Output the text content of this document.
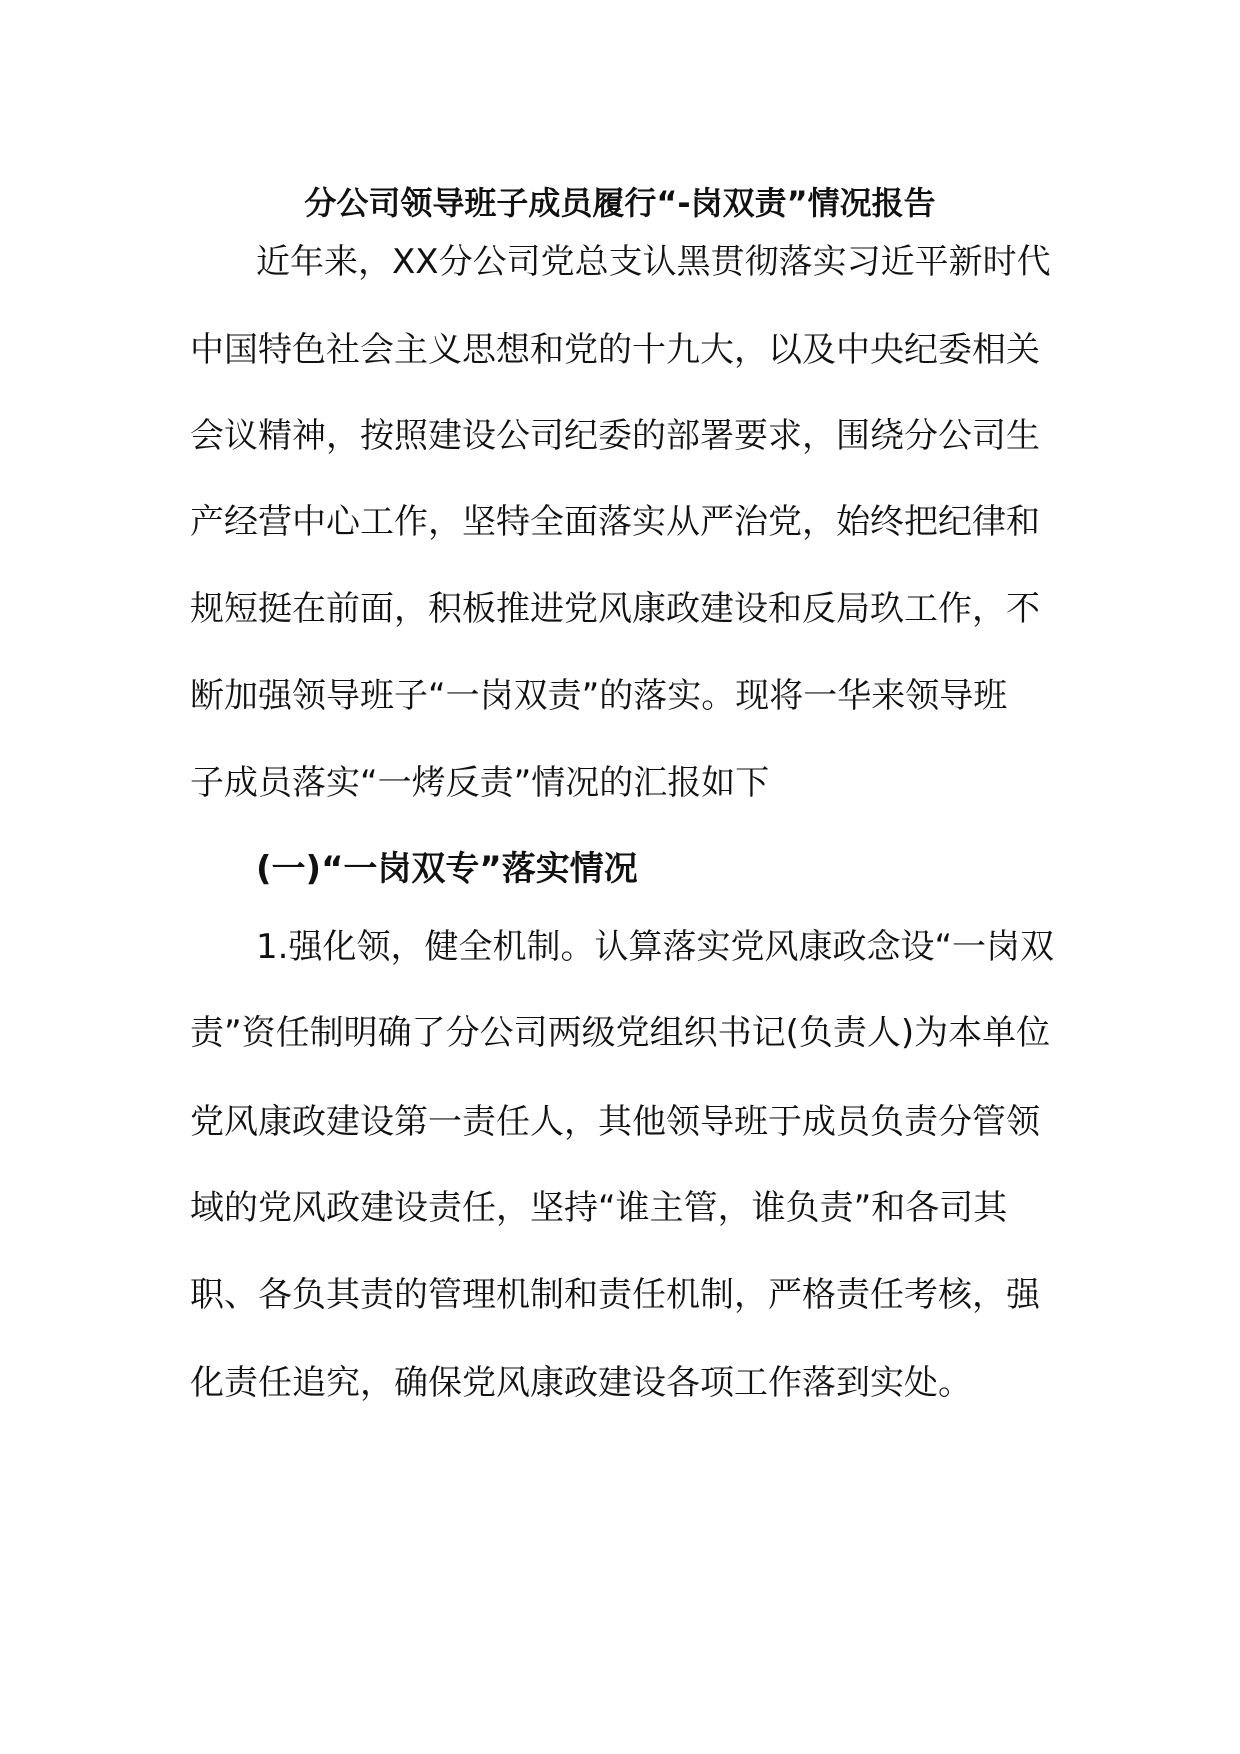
分公司领导班子成员履行“-岗双责”情况报告
近年来，XX分公司党总支认黑贯彻落实习近平新时代
中国特色社会主义思想和党的十九大，以及中央纪委相关
会议精神，按照建设公司纪委的部署要求，围绕分公司生
产经营中心工作，坚特全面落实从严治党，始终把纪律和
规短挺在前面，积板推进党风康政建设和反局玖工作，不
断加强领导班子“一岗双责”的落实。现将一华来领导班
子成员落实“一烤反责”情况的汇报如下
(一)“一岗双专”落实情况
1.强化领，健全机制。认算落实党风康政念设“一岗双
责”资任制明确了分公司两级党组织书记(负责人)为本单位
党风康政建设第一责任人，其他领导班于成员负责分管领
域的党风政建设责任，坚持“谁主管，谁负责”和各司其
职、各负其责的管理机制和责任机制，严格责任考核，强
化责任追究，确保党风康政建设各项工作落到实处。
